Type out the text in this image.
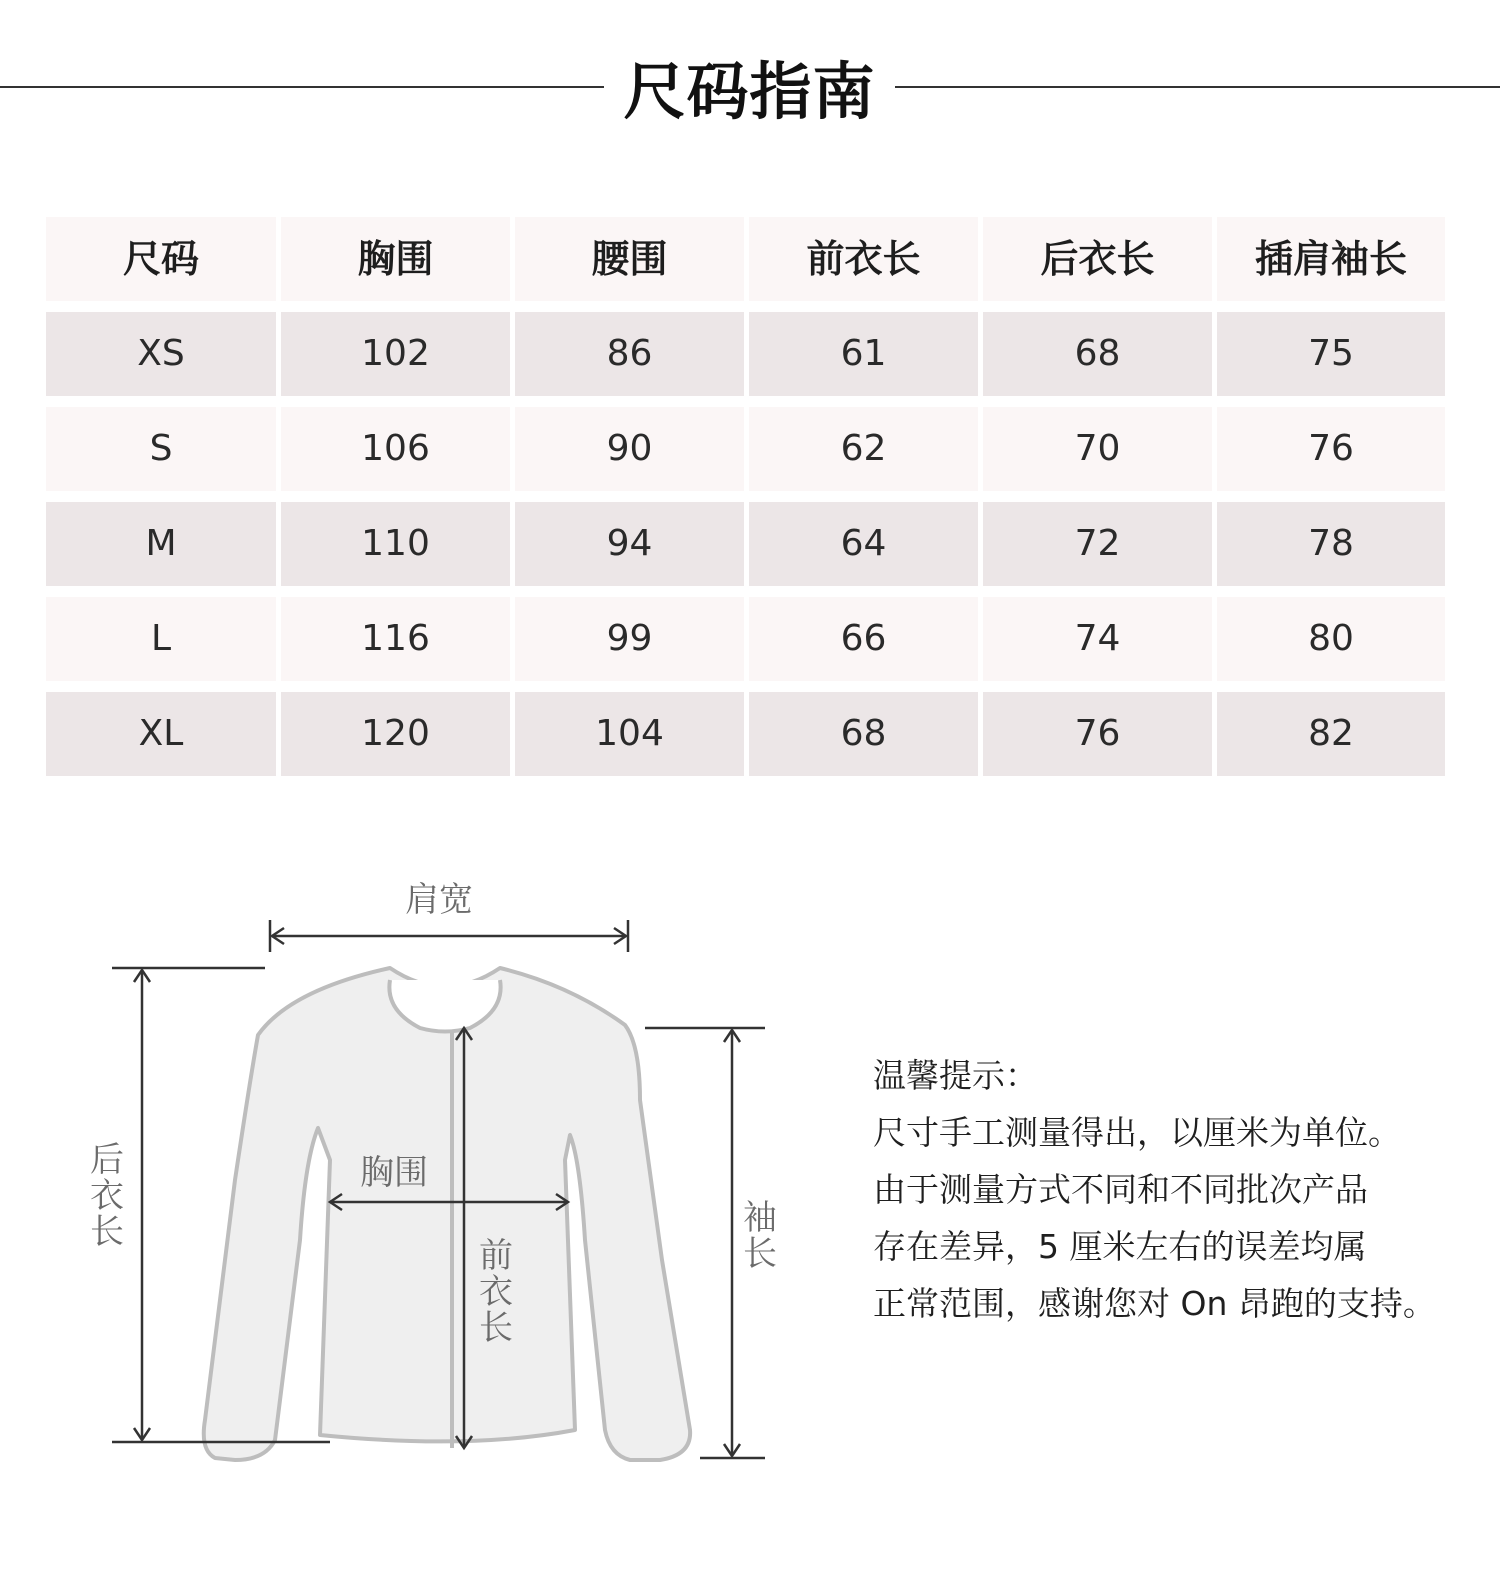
尺码指南
尺码	胸围	腰围	前衣长	后衣长	插肩袖长
XS	102	86	61	68	75
S	106	90	62	70	76
M	110	94	64	72	78
L	116	99	66	74	80
XL	120	104	68	76	82
肩宽
胸围
后衣长
前衣长
袖长
温馨提示：
尺寸手工测量得出，以厘米为单位。
由于测量方式不同和不同批次产品
存在差异，5 厘米左右的误差均属
正常范围，感谢您对 On 昂跑的支持。
